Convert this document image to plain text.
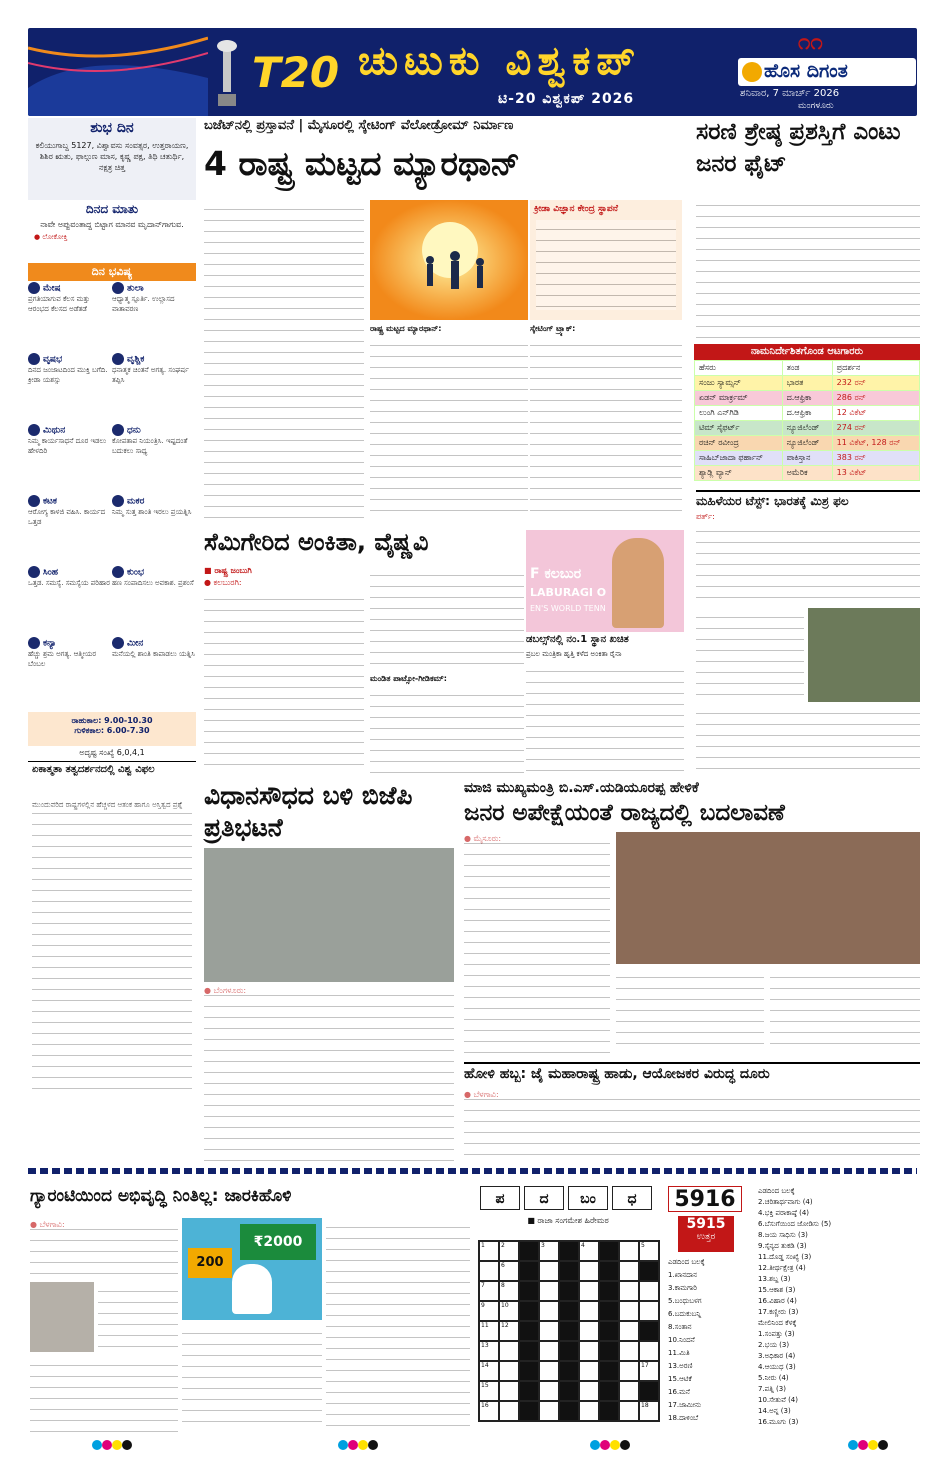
T20 ಚುಟುಕು ವಿಶ್ವಕಪ್
ಟಿ-20 ವಿಶ್ವಕಪ್ 2026
೧೧
ಹೊಸ ದಿಗಂತ
ಶನಿವಾರ, 7 ಮಾರ್ಚ್ 2026
ಮಂಗಳೂರು
ಶುಭ ದಿನ
ಕಲಿಯುಗಾಬ್ದ 5127, ವಿಶ್ವಾವಸು ಸಂವತ್ಸರ, ಉತ್ತರಾಯಣ, ಶಿಶಿರ ಋತು, ಫಾಲ್ಗುಣ ಮಾಸ, ಕೃಷ್ಣ ಪಕ್ಷ, ತಿಥಿ ಚತುರ್ಥಿ, ನಕ್ಷತ್ರ ಚಿತ್ತ
ದಿನದ ಮಾತು
ನಾವೇ ಅಪ್ಪುವಂತಾದ್ದ ಬಿಟ್ಟಾಗ ಮಾನವ ಮೃದಾನ್‌ಗಾಗುವ.
● ಲೋಕೋಕ್ತಿ
ದಿನ ಭವಿಷ್ಯ
ಮೇಷ
ಪ್ರಗತಿಯಾಗುವ ಕೆಲಸ ಮತ್ತು ಆರಂಭದ ಕೆಲಸದ ಅಡೆತಡೆ
ತುಲಾ
ಆಧ್ಯಾತ್ಮ ಸ್ಪೂರ್ತಿ. ಉಲ್ಲಾಸದ ವಾತಾವರಣ
ವೃಷಭ
ದಿನದ ಜಂಜಾಟದಿಂದ ಮುಕ್ತಿ ಬಗೆದಿ. ಕ್ರೀಡಾ ಯಶಸ್ಸು
ವೃಶ್ಚಿಕ
ಧನಾತ್ಮಕ ಚಿಂತನೆ ಅಗತ್ಯ. ಸಂಘರ್ಷ ತಪ್ಪಿಸಿ
ಮಿಥುನ
ನಿಮ್ಮ ಕಾರ್ಯಸಾಧನೆ ದೂರ ಇಡಲು ಹೇಳದಿರಿ
ಧನು
ಕೋಪತಾಪ ನಿಯಂತ್ರಿಸಿ. ಇಷ್ಟದಂತೆ ಬದುಕಲು ಸಾಧ್ಯ
ಕಟಕ
ಆರೋಗ್ಯ ಕಾಳಜಿ ವಹಿಸಿ. ಕಾರ್ಯದ ಒತ್ತಡ
ಮಕರ
ನಿಮ್ಮ ಸುತ್ತ ಶಾಂತಿ ಇರಲು ಪ್ರಯತ್ನಿಸಿ
ಸಿಂಹ
ಒತ್ತಡ. ಸಮಸ್ಯೆ. ಸಮಸ್ಯೆಯ ಪರಿಹಾರ
ಕುಂಭ
ಹಣ ಸಂಪಾದಿಸಲು ಅವಕಾಶ. ಪ್ರಶಂಸೆ
ಕನ್ಯಾ
ಹೆಚ್ಚು ಶ್ರಮ ಅಗತ್ಯ. ಆತ್ಮೀಯರ ಬೆಂಬಲ
ಮೀನ
ಮನೆಯಲ್ಲಿ ಶಾಂತಿ ಕಾಪಾಡಲು ಯತ್ನಿಸಿ
ರಾಹುಕಾಲ: 9.00-10.30
ಗುಳಿಕಕಾಲ: 6.00-7.30
ಅದೃಷ್ಟ ಸಂಖ್ಯೆ 6,0,4,1
ಏಕಾತ್ಮತಾ ತತ್ವದರ್ಶನದಲ್ಲಿ ವಿಶ್ವ ವಿಫಲ
ಮುಂದುವರಿದ ರಾಷ್ಟ್ರಗಳಲ್ಲಿನ ಹೆಚ್ಚಳದ ಆತಂಕ ಹಾಗೂ ಅಸ್ತಿತ್ವದ ಪ್ರಶ್ನೆ
ಬಜೆಟ್‌ನಲ್ಲಿ ಪ್ರಸ್ತಾವನೆ | ಮೈಸೂರಲ್ಲಿ ಸ್ಕೇಟಿಂಗ್ ವೆಲೋಡ್ರೋಮ್ ನಿರ್ಮಾಣ
4 ರಾಷ್ಟ್ರ ಮಟ್ಟದ ಮ್ಯಾರಥಾನ್
ಕ್ರೀಡಾ ವಿಜ್ಞಾನ ಕೇಂದ್ರ ಸ್ಥಾಪನೆ
ರಾಷ್ಟ್ರ ಮಟ್ಟದ ಮ್ಯಾರಥಾನ್:	ಸ್ಕೇಟಿಂಗ್ ಟ್ರ್ಯಾಕ್:
ಸರಣಿ ಶ್ರೇಷ್ಠ ಪ್ರಶಸ್ತಿಗೆ ಎಂಟು ಜನರ ಫೈಟ್
ನಾಮನಿರ್ದೇಶಿತಗೊಂಡ ಆಟಗಾರರು
ಹೆಸರು	ತಂಡ	ಪ್ರದರ್ಶನ
ಸಂಜು ಸ್ಯಾಮ್ಸನ್	ಭಾರತ	232 ರನ್
ಏಡನ್ ಮಾರ್ಕ್ರಮ್	ದ.ಆಫ್ರಿಕಾ	286 ರನ್
ಲುಂಗಿ ಎನ್‌ಗಿಡಿ	ದ.ಆಫ್ರಿಕಾ	12 ವಿಕೆಟ್
ಟಿಮ್ ಸೈಫರ್ಟ್	ನ್ಯೂಜಿಲೆಂಡ್	274 ರನ್
ರಚಿನ್ ರವೀಂದ್ರ	ನ್ಯೂಜಿಲೆಂಡ್	11 ವಿಕೆಟ್, 128 ರನ್
ಸಾಹಿಬ್‌ಜಾದಾ ಫರ್ಹಾನ್	ಪಾಕಿಸ್ತಾನ	383 ರನ್
ಶ್ಯಾಡ್ಲಿ ವ್ಯಾನ್	ಅಮೆರಿಕ	13 ವಿಕೆಟ್
ಮಹಿಳೆಯರ ಟೆಸ್ಟ್: ಭಾರತಕ್ಕೆ ಮಿಶ್ರ ಫಲ
ಪರ್ತ್:
ಸೆಮಿಗೇರಿದ ಅಂಕಿತಾ, ವೈಷ್ಣವಿ
■ ರಾಷ್ಟ್ರ ಜಂಬುಗಿ
● ಕಲಬುರಗಿ:
ಮಂಡಿತ ಪಾಟ್ಸೋ-ಗೀಡಿಕಮ್:
F ಕಲಬುರ
LABURAGI O
EN'S WORLD TENN
ಡಬಲ್ಸ್‌ನಲ್ಲಿ ನಂ.1 ಸ್ಥಾನ ಖಚಿತ
ಪ್ರಬಲ ಮಂತ್ರಿಕಾ ಹೃತ್ತಿ ಕಳೆದ ಅಂಕಿತಾ ರೈನಾ
ವಿಧಾನಸೌಧದ ಬಳಿ ಬಿಜೆಪಿ ಪ್ರತಿಭಟನೆ
● ಬೆಂಗಳೂರು:
ಮಾಜಿ ಮುಖ್ಯಮಂತ್ರಿ ಬಿ.ಎಸ್.ಯಡಿಯೂರಪ್ಪ ಹೇಳಿಕೆ
ಜನರ ಅಪೇಕ್ಷೆಯಂತೆ ರಾಜ್ಯದಲ್ಲಿ ಬದಲಾವಣೆ
● ಮೈಸೂರು:
ಹೋಳಿ ಹಬ್ಬ: ಜೈ ಮಹಾರಾಷ್ಟ್ರ ಹಾಡು, ಆಯೋಜಕರ ವಿರುದ್ಧ ದೂರು
● ಬೆಳಗಾವಿ:
ಗ್ಯಾರಂಟಿಯಿಂದ ಅಭಿವೃದ್ಧಿ ನಿಂತಿಲ್ಲ: ಜಾರಕಿಹೊಳಿ
● ಬೆಳಗಾವಿ:
₹2000
200
ಪ ದ ಬಂ ಧ
■ ರಾಜಾ ಸಂಗಮೇಶ ಹಿರೇಮಠ
1	2	3	4	5
6
7	8
9	10
11 12
13
14	17
15
16	18
5916
5915
ಉತ್ತರ
ಎಡದಿಂದ ಬಲಕ್ಕೆ
1.ಖಾನದಾನ
3.ಕಾಮಗಾರಿ
5.ಬಂಧುಬಳಗ
6.ಬದುಕುಬನ್ನಿ
8.ಸಂತಾನ
10.ನಿಂದನೆ
11.ಮಿತಿ
13.ಅರಣಿ
15.ಆಟಿಕೆ
16.ಮನೆ
17.ಜಾಮೀನು
18.ದಾಳಿಂಬೆ
ಎಡದಿಂದ ಬಲಕ್ಕೆ
2.ಚರಿತಾರ್ಥವಾಗು (4)
4.ಭಕ್ತಿ ಪರಾಕಾಷ್ಠೆ (4)
6.ಬೆಸುಗೆಯಿಂದ ಜೋಡಿಸು (5)
8.ಜಯ ಸಾಧಿಸು (3)
9.ಸೈನ್ಯದ ತುಕಡಿ (3)
11.ದೊಡ್ಡ ಸಂಖ್ಯೆ (3)
12.ತೀರ್ಥಕ್ಷೇತ್ರ (4)
13.ಶಬ್ದ (3)
15.ಆಕಾಶ (3)
16.ವಿಹಾರ (4)
17.ಕಣ್ಣೀರು (3)
ಮೇಲಿನಿಂದ ಕೆಳಕ್ಕೆ
1.ಸಂಪತ್ತು (3)
2.ಭಯ (3)
3.ಅಧಿಕಾರ (4)
4.ಆಯುಧ (3)
5.ನೀರು (4)
7.ಪತ್ನಿ (3)
10.ಸೇತುವೆ (4)
14.ಅನ್ನ (3)
16.ಮೂಗು (3)
